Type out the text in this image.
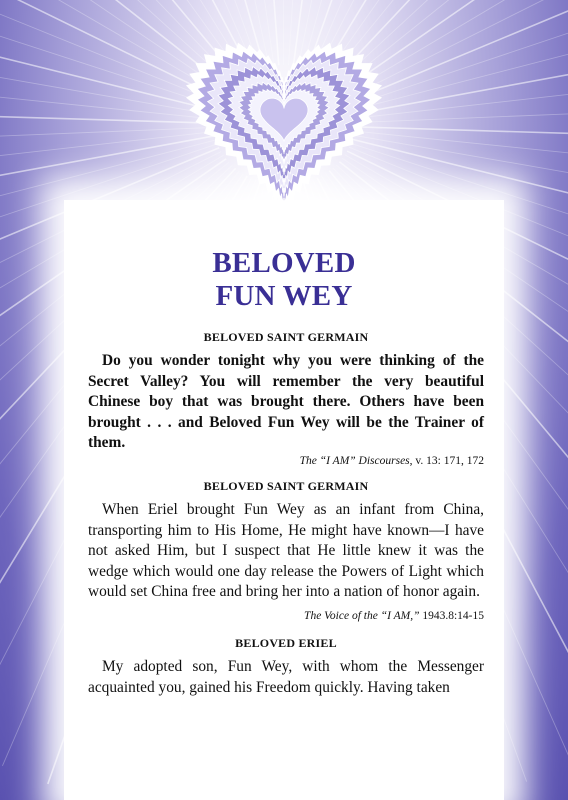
BELOVED
FUN WEY
BELOVED SAINT GERMAIN

Do you wonder tonight why you were thinking of the Secret Valley? You will remember the very beautiful Chinese boy that was brought there. Others have been brought . . . and Beloved Fun Wey will be the Trainer of them.

The “I AM” Discourses, v. 13: 171, 172
BELOVED SAINT GERMAIN

When Eriel brought Fun Wey as an infant from China, transporting him to His Home, He might have known—I have not asked Him, but I suspect that He little knew it was the wedge which would one day release the Powers of Light which would set China free and bring her into a nation of honor again.
The Voice of the “I AM,” 1943.8:14-15

BELOVED ERIEL

My adopted son, Fun Wey, with whom the Messenger acquainted you, gained his Freedom quickly. Having taken
